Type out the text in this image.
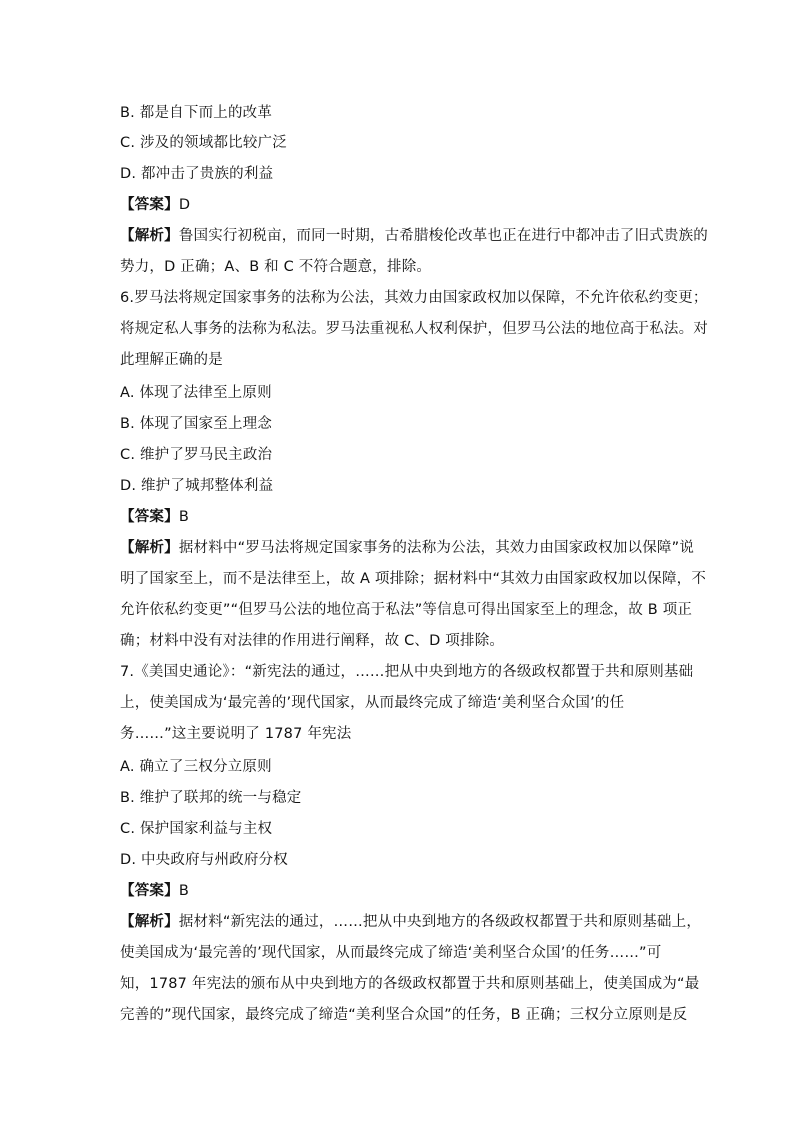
B. 都是自下而上的改革
C. 涉及的领域都比较广泛
D. 都冲击了贵族的利益
【答案】D
【解析】鲁国实行初税亩，而同一时期，古希腊梭伦改革也正在进行中都冲击了旧式贵族的
势力，D 正确；A、B 和 C 不符合题意，排除。
6.罗马法将规定国家事务的法称为公法，其效力由国家政权加以保障，不允许依私约变更；
将规定私人事务的法称为私法。罗马法重视私人权利保护，但罗马公法的地位高于私法。对
此理解正确的是
A. 体现了法律至上原则
B. 体现了国家至上理念
C. 维护了罗马民主政治
D. 维护了城邦整体利益
【答案】B
【解析】据材料中“罗马法将规定国家事务的法称为公法，其效力由国家政权加以保障”说
明了国家至上，而不是法律至上，故 A 项排除；据材料中“其效力由国家政权加以保障，不
允许依私约变更”“但罗马公法的地位高于私法”等信息可得出国家至上的理念，故 B 项正
确；材料中没有对法律的作用进行阐释，故 C、D 项排除。
7.《美国史通论》：“新宪法的通过，……把从中央到地方的各级政权都置于共和原则基础
上，使美国成为‘最完善的’现代国家，从而最终完成了缔造‘美利坚合众国’的任
务……”这主要说明了 1787 年宪法
A. 确立了三权分立原则
B. 维护了联邦的统一与稳定
C. 保护国家利益与主权
D. 中央政府与州政府分权
【答案】B
【解析】据材料“新宪法的通过，……把从中央到地方的各级政权都置于共和原则基础上，
使美国成为‘最完善的’现代国家，从而最终完成了缔造‘美利坚合众国’的任务……”可
知，1787 年宪法的颁布从中央到地方的各级政权都置于共和原则基础上，使美国成为“最
完善的”现代国家，最终完成了缔造“美利坚合众国”的任务，B 正确；三权分立原则是反
